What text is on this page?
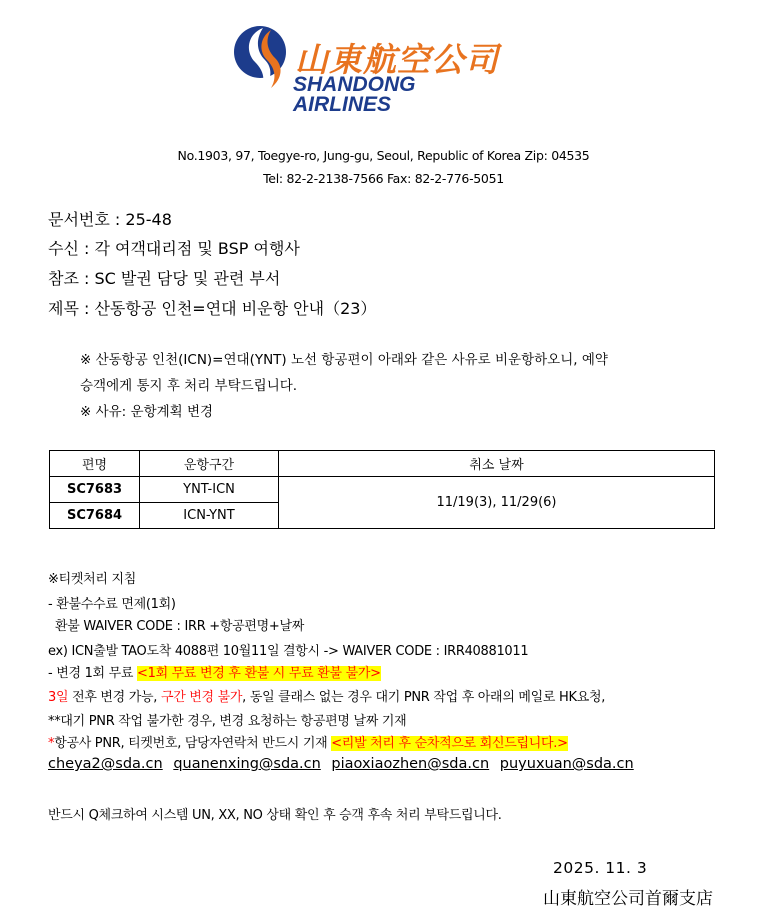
山東航空公司
SHANDONG
AIRLINES
No.1903, 97, Toegye-ro, Jung-gu, Seoul, Republic of Korea Zip: 04535
Tel: 82-2-2138-7566 Fax: 82-2-776-5051
문서번호 : 25-48
수신 : 각 여객대리점 및 BSP 여행사
참조 : SC 발권 담당 및 관련 부서
제목 : 산동항공 인천=연대 비운항 안내（23）
※ 산동항공 인천(ICN)=연대(YNT) 노선 항공편이 아래와 같은 사유로 비운항하오니, 예약
승객에게 통지 후 처리 부탁드립니다.
※ 사유: 운항계획 변경
편명	운항구간	취소 날짜
SC7683	YNT-ICN	11/19(3), 11/29(6)
SC7684	ICN-YNT	
※티켓처리 지침
- 환불수수료 면제(1회)
환불 WAIVER CODE : IRR +항공편명+날짜
ex) ICN출발 TAO도착 4088편 10월11일 결항시 -> WAIVER CODE : IRR40881011
- 변경 1회 무료 <1회 무료 변경 후 환불 시 무료 환불 불가>
3일 전후 변경 가능, 구간 변경 불가, 동일 클래스 없는 경우 대기 PNR 작업 후 아래의 메일로 HK요청,
**대기 PNR 작업 불가한 경우, 변경 요청하는 항공편명 날짜 기재
*항공사 PNR, 티켓번호, 담당자연락처 반드시 기재 <리발 처리 후 순차적으로 회신드립니다.>
cheya2@sda.cn quanenxing@sda.cn piaoxiaozhen@sda.cn puyuxuan@sda.cn
반드시 Q체크하여 시스템 UN, XX, NO 상태 확인 후 승객 후속 처리 부탁드립니다.
2025. 11. 3
山東航空公司首爾支店
